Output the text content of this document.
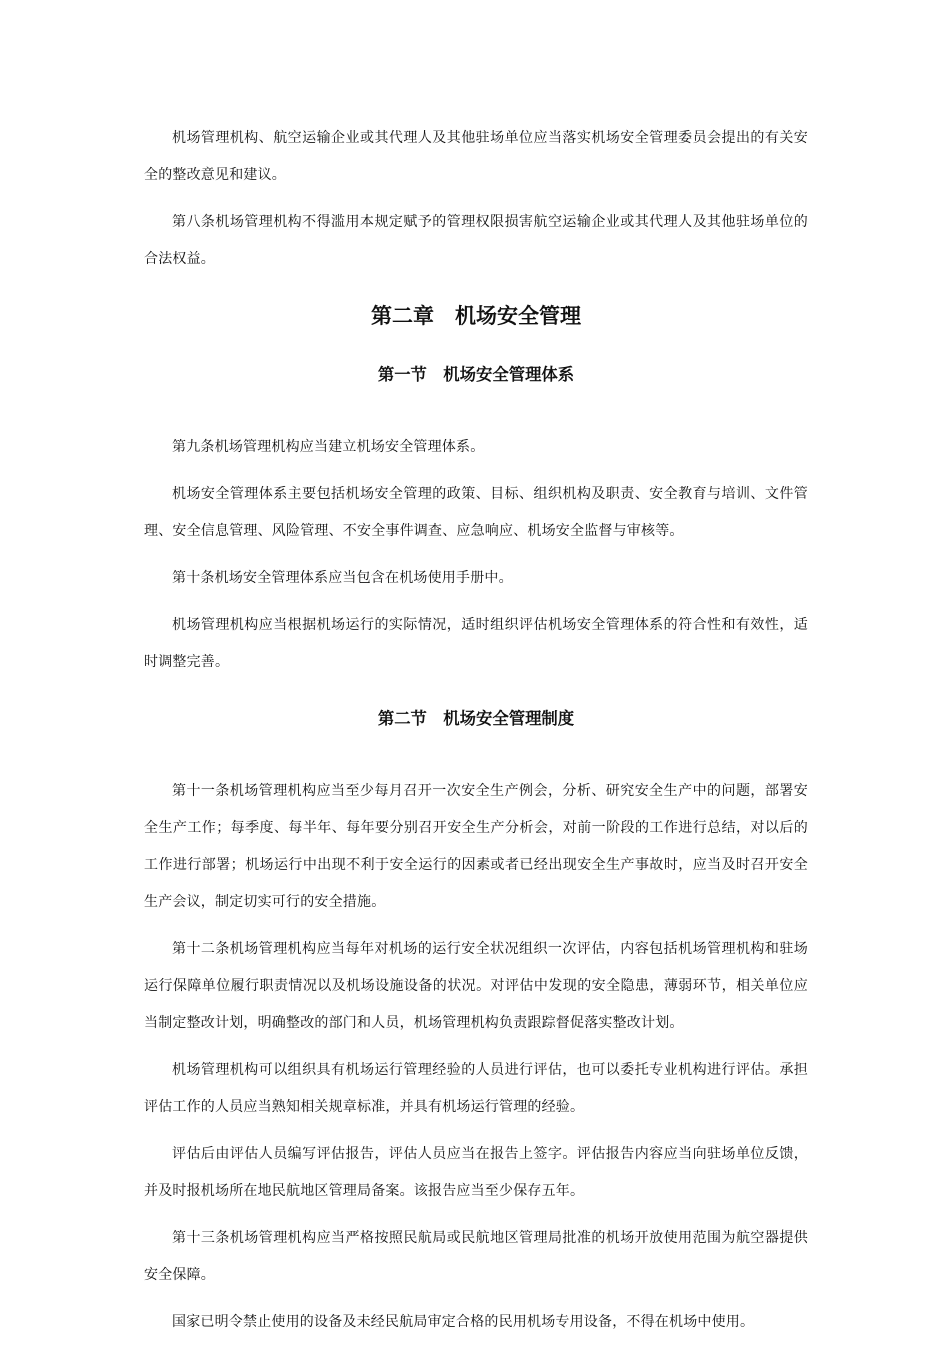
机场管理机构、航空运输企业或其代理人及其他驻场单位应当落实机场安全管理委员会提出的有关安全的整改意见和建议。

第八条机场管理机构不得滥用本规定赋予的管理权限损害航空运输企业或其代理人及其他驻场单位的合法权益。

第二章　机场安全管理
第一节　机场安全管理体系

第九条机场管理机构应当建立机场安全管理体系。

机场安全管理体系主要包括机场安全管理的政策、目标、组织机构及职责、安全教育与培训、文件管理、安全信息管理、风险管理、不安全事件调查、应急响应、机场安全监督与审核等。

第十条机场安全管理体系应当包含在机场使用手册中。

机场管理机构应当根据机场运行的实际情况，适时组织评估机场安全管理体系的符合性和有效性，适时调整完善。

第二节　机场安全管理制度

第十一条机场管理机构应当至少每月召开一次安全生产例会，分析、研究安全生产中的问题，部署安全生产工作；每季度、每半年、每年要分别召开安全生产分析会，对前一阶段的工作进行总结，对以后的工作进行部署；机场运行中出现不利于安全运行的因素或者已经出现安全生产事故时，应当及时召开安全生产会议，制定切实可行的安全措施。

第十二条机场管理机构应当每年对机场的运行安全状况组织一次评估，内容包括机场管理机构和驻场运行保障单位履行职责情况以及机场设施设备的状况。对评估中发现的安全隐患，薄弱环节，相关单位应当制定整改计划，明确整改的部门和人员，机场管理机构负责跟踪督促落实整改计划。

机场管理机构可以组织具有机场运行管理经验的人员进行评估，也可以委托专业机构进行评估。承担评估工作的人员应当熟知相关规章标准，并具有机场运行管理的经验。

评估后由评估人员编写评估报告，评估人员应当在报告上签字。评估报告内容应当向驻场单位反馈，并及时报机场所在地民航地区管理局备案。该报告应当至少保存五年。

第十三条机场管理机构应当严格按照民航局或民航地区管理局批准的机场开放使用范围为航空器提供安全保障。

国家已明令禁止使用的设备及未经民航局审定合格的民用机场专用设备，不得在机场中使用。
